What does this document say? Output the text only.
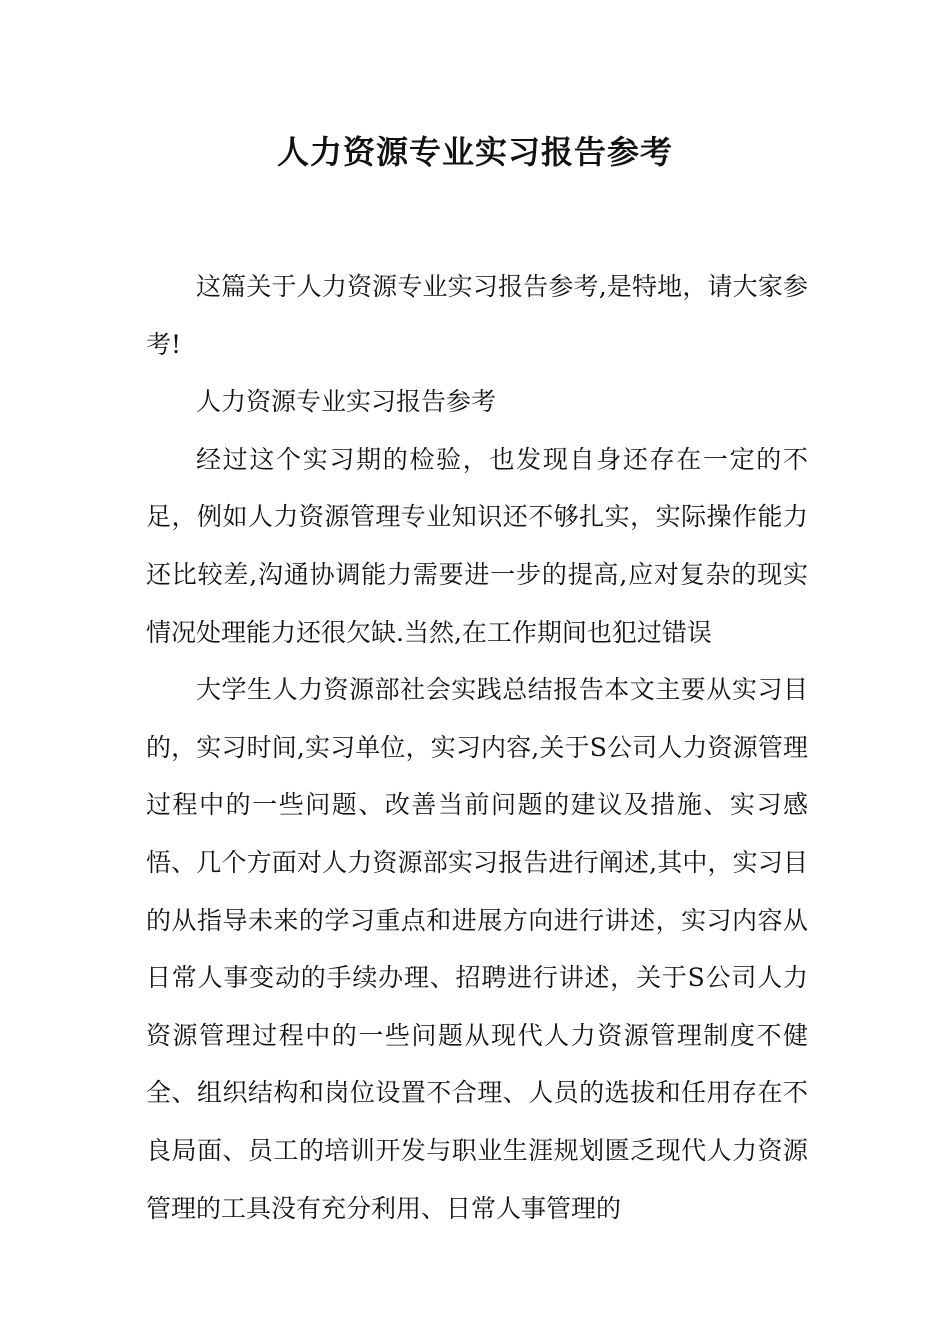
人力资源专业实习报告参考

这篇关于人力资源专业实习报告参考,是特地，请大家参考!

人力资源专业实习报告参考

经过这个实习期的检验，也发现自身还存在一定的不足，例如人力资源管理专业知识还不够扎实，实际操作能力还比较差,沟通协调能力需要进一步的提高,应对复杂的现实情况处理能力还很欠缺.当然,在工作期间也犯过错误

大学生人力资源部社会实践总结报告本文主要从实习目的，实习时间,实习单位，实习内容,关于S公司人力资源管理过程中的一些问题、改善当前问题的建议及措施、实习感悟、几个方面对人力资源部实习报告进行阐述,其中，实习目的从指导未来的学习重点和进展方向进行讲述，实习内容从日常人事变动的手续办理、招聘进行讲述，关于S公司人力资源管理过程中的一些问题从现代人力资源管理制度不健全、组织结构和岗位设置不合理、人员的选拔和任用存在不良局面、员工的培训开发与职业生涯规划匮乏现代人力资源管理的工具没有充分利用、日常人事管理的
